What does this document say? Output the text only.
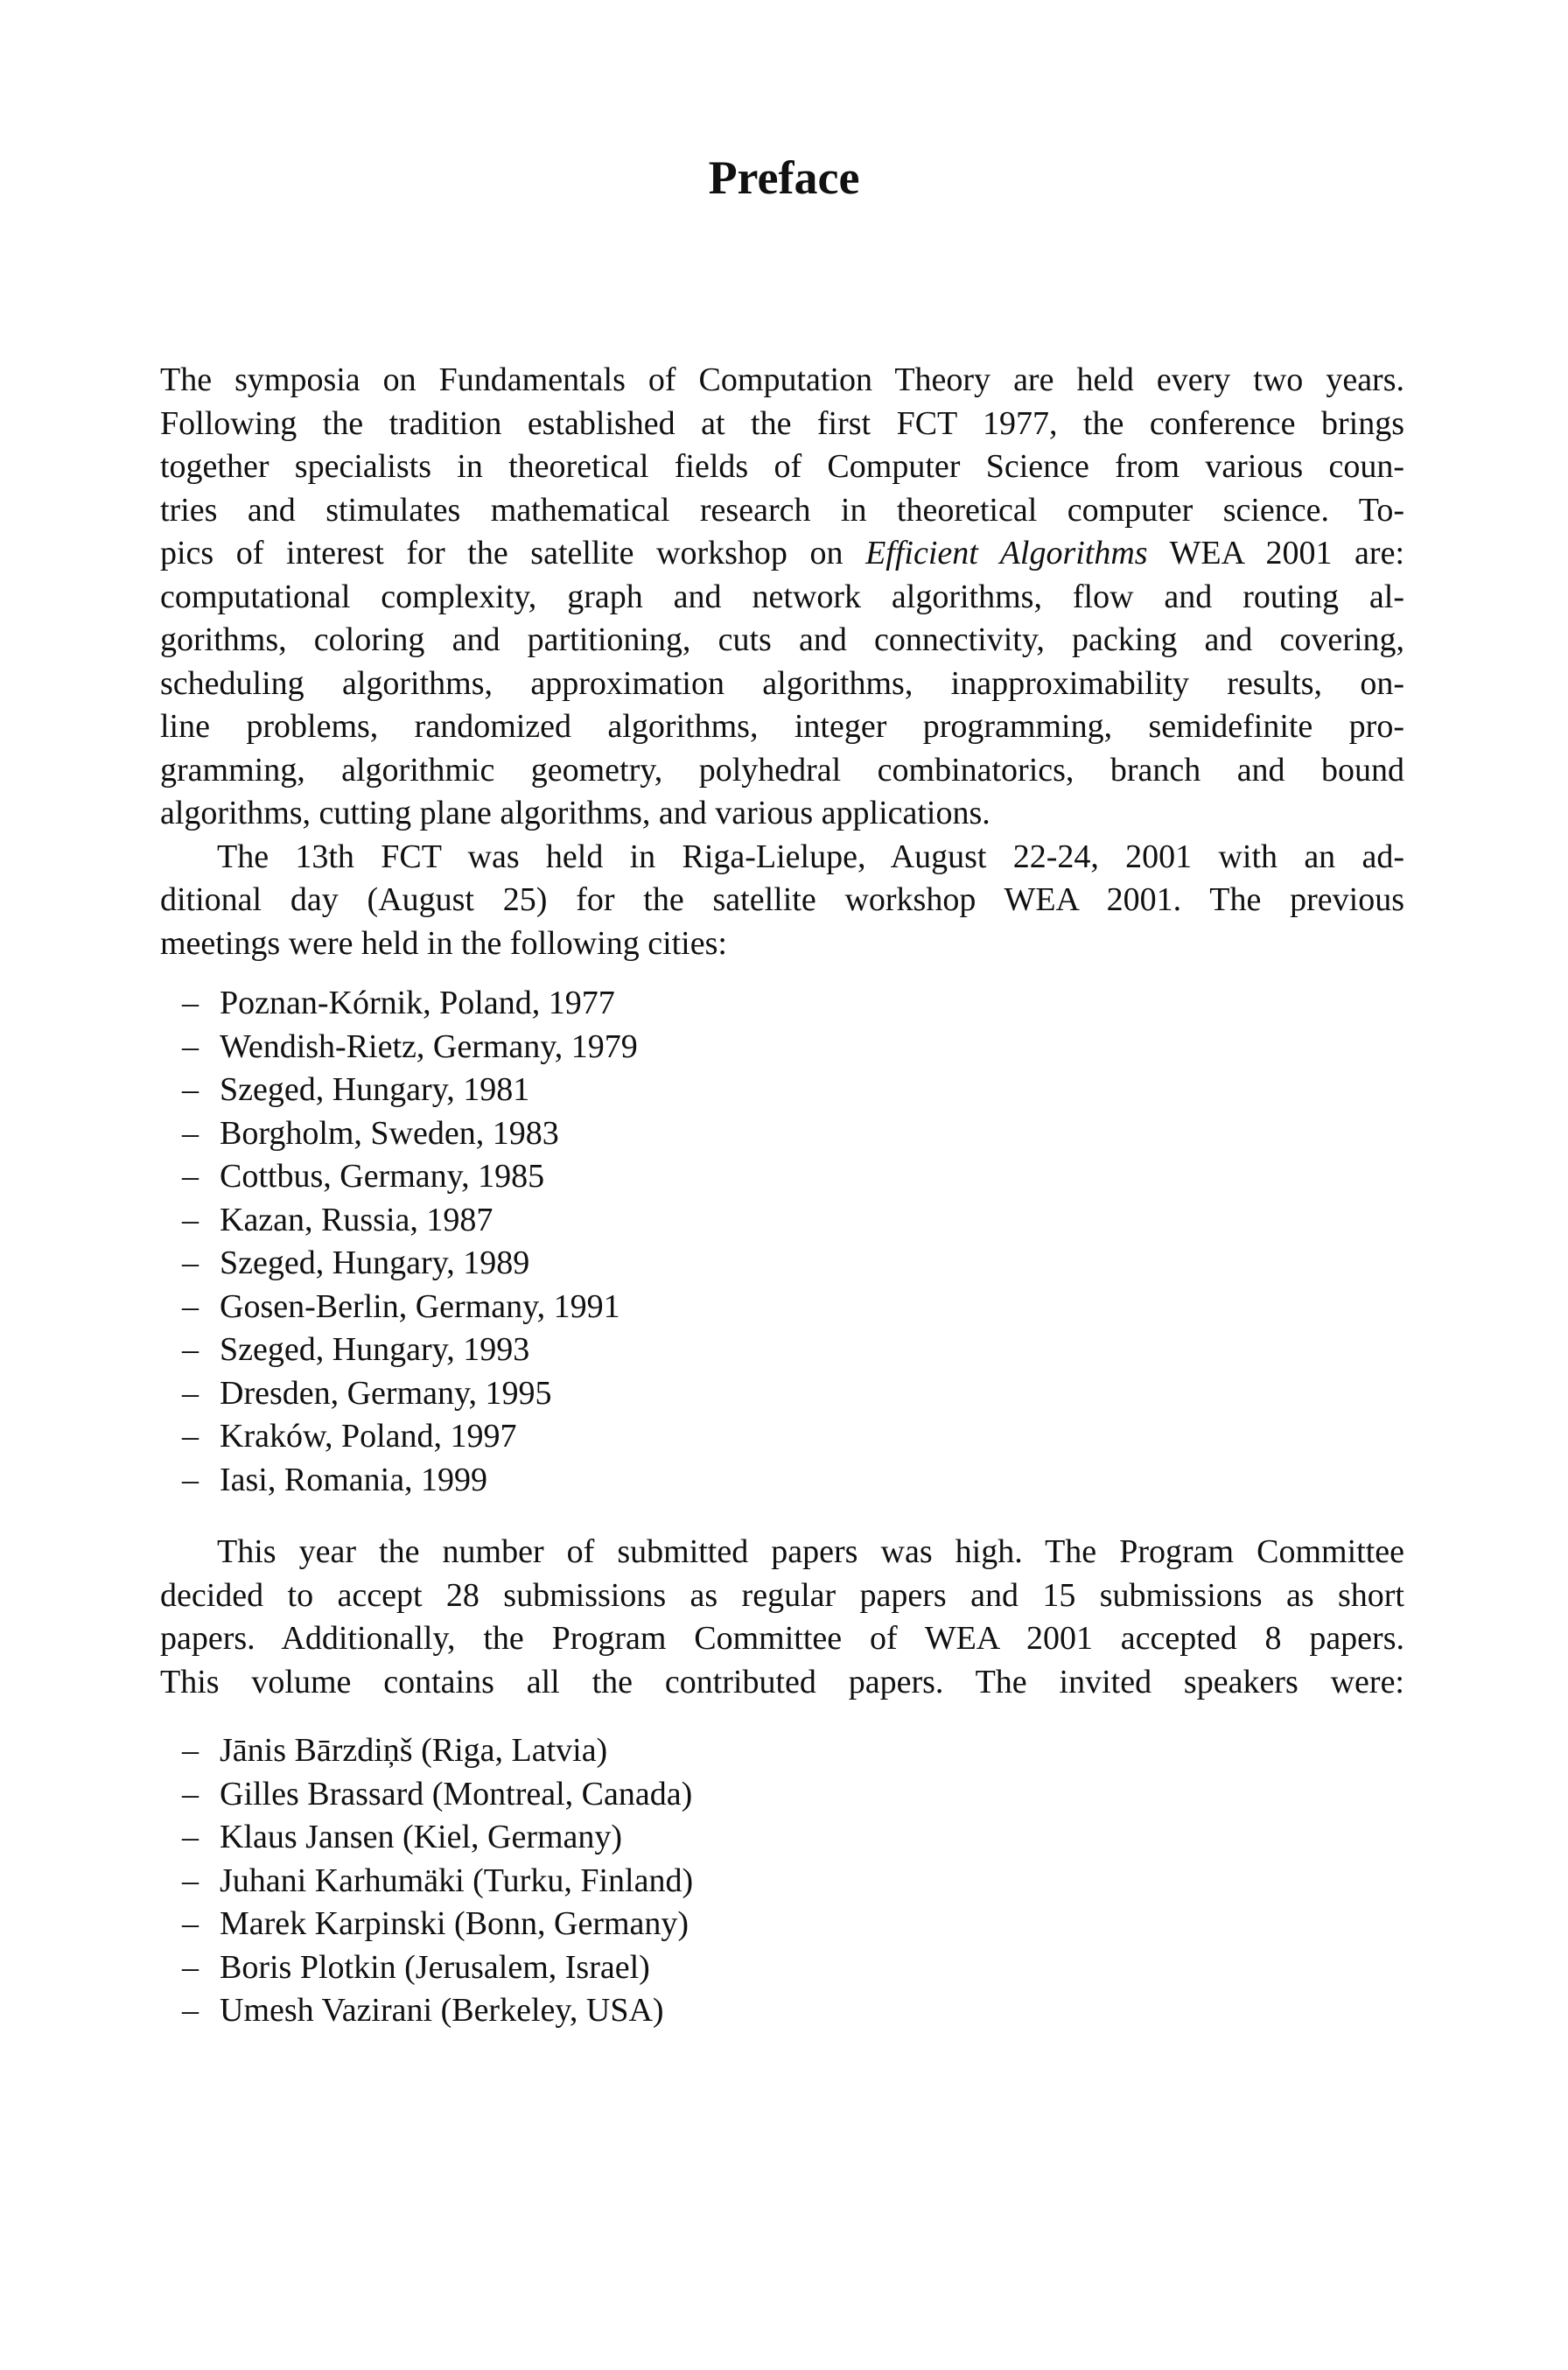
Preface
The symposia on Fundamentals of Computation Theory are held every two years.
Following the tradition established at the first FCT 1977, the conference brings
together specialists in theoretical fields of Computer Science from various coun-
tries and stimulates mathematical research in theoretical computer science. To-
pics of interest for the satellite workshop on Efficient Algorithms WEA 2001 are:
computational complexity, graph and network algorithms, flow and routing al-
gorithms, coloring and partitioning, cuts and connectivity, packing and covering,
scheduling algorithms, approximation algorithms, inapproximability results, on-
line problems, randomized algorithms, integer programming, semidefinite pro-
gramming, algorithmic geometry, polyhedral combinatorics, branch and bound
algorithms, cutting plane algorithms, and various applications.
The 13th FCT was held in Riga-Lielupe, August 22-24, 2001 with an ad-
ditional day (August 25) for the satellite workshop WEA 2001. The previous
meetings were held in the following cities:
– Poznan-Kórnik, Poland, 1977
– Wendish-Rietz, Germany, 1979
– Szeged, Hungary, 1981
– Borgholm, Sweden, 1983
– Cottbus, Germany, 1985
– Kazan, Russia, 1987
– Szeged, Hungary, 1989
– Gosen-Berlin, Germany, 1991
– Szeged, Hungary, 1993
– Dresden, Germany, 1995
– Kraków, Poland, 1997
– Iasi, Romania, 1999
This year the number of submitted papers was high. The Program Committee
decided to accept 28 submissions as regular papers and 15 submissions as short
papers. Additionally, the Program Committee of WEA 2001 accepted 8 papers.
This volume contains all the contributed papers. The invited speakers were:
– Jānis Bārzdiņš (Riga, Latvia)
– Gilles Brassard (Montreal, Canada)
– Klaus Jansen (Kiel, Germany)
– Juhani Karhumäki (Turku, Finland)
– Marek Karpinski (Bonn, Germany)
– Boris Plotkin (Jerusalem, Israel)
– Umesh Vazirani (Berkeley, USA)
